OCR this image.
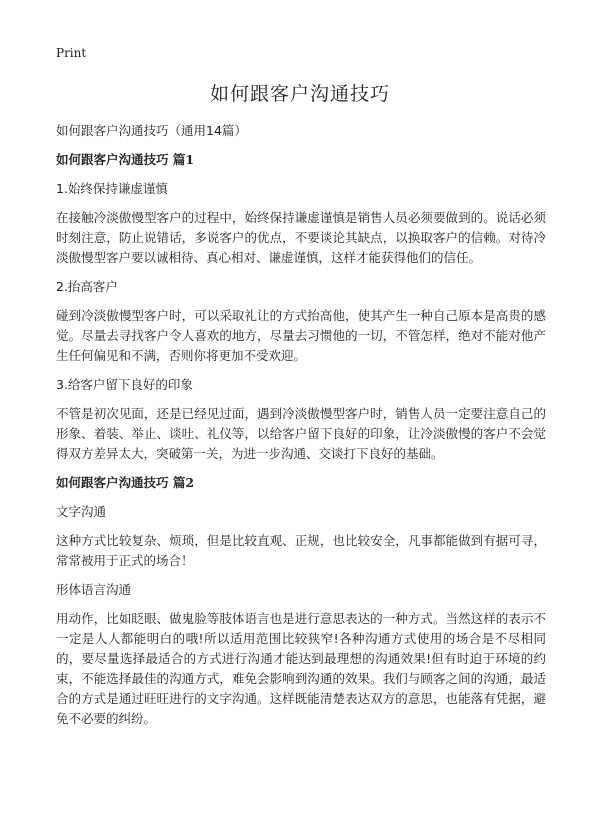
Print
如何跟客户沟通技巧

如何跟客户沟通技巧（通用14篇）

如何跟客户沟通技巧 篇1

1.始终保持谦虚谨慎

在接触冷淡傲慢型客户的过程中，始终保持谦虚谨慎是销售人员必须要做到的。说话必须时刻注意，防止说错话，多说客户的优点，不要谈论其缺点，以换取客户的信赖。对待冷淡傲慢型客户要以诚相待、真心相对、谦虚谨慎，这样才能获得他们的信任。

2.抬高客户

碰到冷淡傲慢型客户时，可以采取礼让的方式抬高他，使其产生一种自己原本是高贵的感觉。尽量去寻找客户令人喜欢的地方，尽量去习惯他的一切，不管怎样，绝对不能对他产生任何偏见和不满，否则你将更加不受欢迎。

3.给客户留下良好的印象

不管是初次见面，还是已经见过面，遇到冷淡傲慢型客户时，销售人员一定要注意自己的形象、着装、举止、谈吐、礼仪等，以给客户留下良好的印象，让冷淡傲慢的客户不会觉得双方差异太大，突破第一关，为进一步沟通、交谈打下良好的基础。

如何跟客户沟通技巧 篇2

文字沟通

这种方式比较复杂、烦琐，但是比较直观、正规，也比较安全，凡事都能做到有据可寻，常常被用于正式的场合！

形体语言沟通

用动作，比如眨眼、做鬼脸等肢体语言也是进行意思表达的一种方式。当然这样的表示不一定是人人都能明白的哦!所以适用范围比较狭窄!各种沟通方式使用的场合是不尽相同的，要尽量选择最适合的方式进行沟通才能达到最理想的沟通效果!但有时迫于环境的约束，不能选择最佳的沟通方式，难免会影响到沟通的效果。我们与顾客之间的沟通，最适合的方式是通过旺旺进行的文字沟通。这样既能清楚表达双方的意思，也能落有凭据，避免不必要的纠纷。
